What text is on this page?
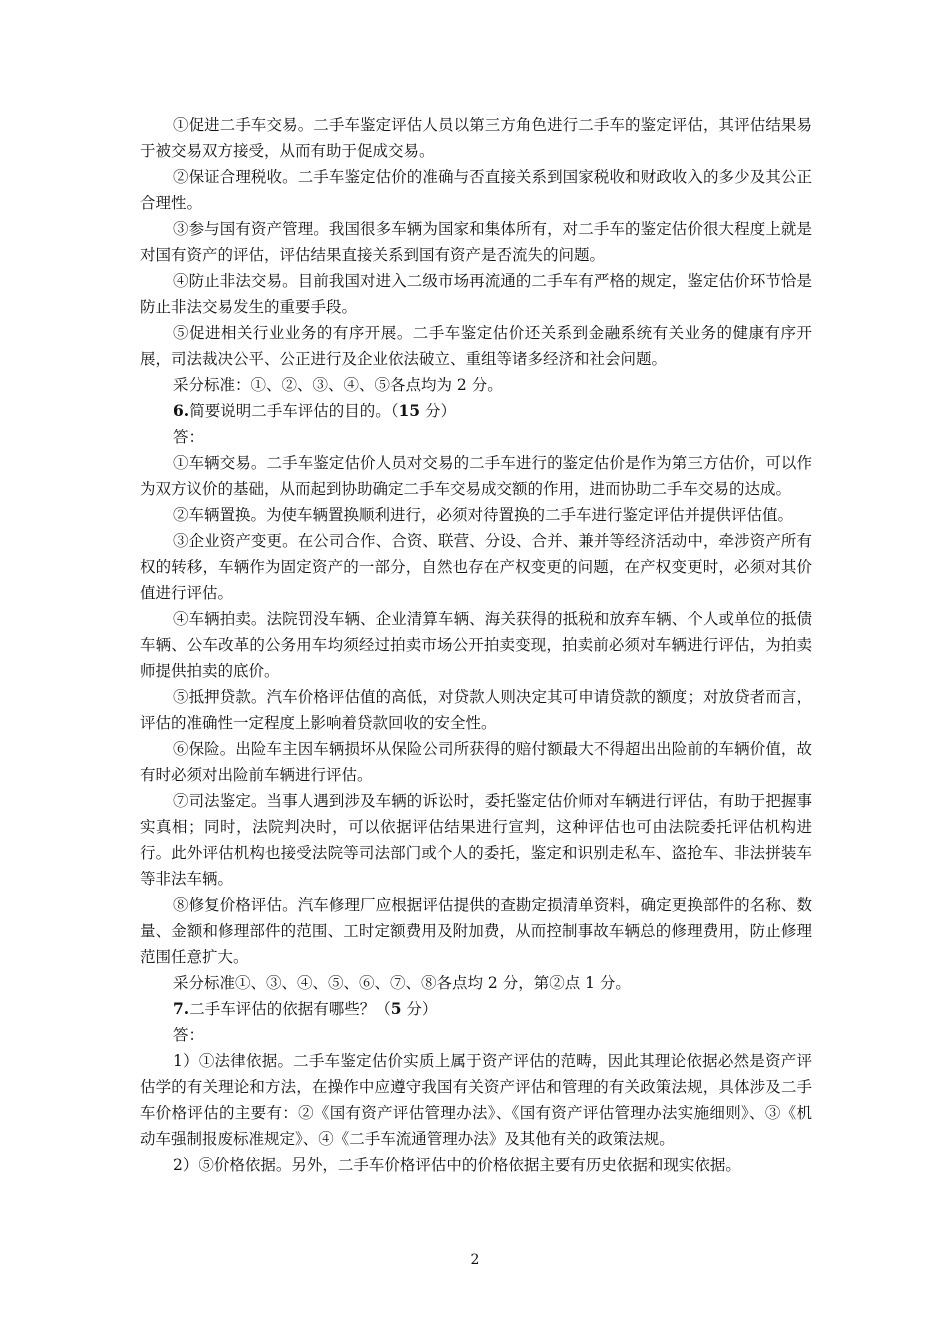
①促进二手车交易。二手车鉴定评估人员以第三方角色进行二手车的鉴定评估，其评估结果易于被交易双方接受，从而有助于促成交易。

②保证合理税收。二手车鉴定估价的准确与否直接关系到国家税收和财政收入的多少及其公正合理性。

③参与国有资产管理。我国很多车辆为国家和集体所有，对二手车的鉴定估价很大程度上就是对国有资产的评估，评估结果直接关系到国有资产是否流失的问题。

④防止非法交易。目前我国对进入二级市场再流通的二手车有严格的规定，鉴定估价环节恰是防止非法交易发生的重要手段。

⑤促进相关行业业务的有序开展。二手车鉴定估价还关系到金融系统有关业务的健康有序开展，司法裁决公平、公正进行及企业依法破立、重组等诸多经济和社会问题。

采分标准：①、②、③、④、⑤各点均为 2 分。

6.简要说明二手车评估的目的。（15 分）

答：

①车辆交易。二手车鉴定估价人员对交易的二手车进行的鉴定估价是作为第三方估价，可以作为双方议价的基础，从而起到协助确定二手车交易成交额的作用，进而协助二手车交易的达成。

②车辆置换。为使车辆置换顺利进行，必须对待置换的二手车进行鉴定评估并提供评估值。

③企业资产变更。在公司合作、合资、联营、分设、合并、兼并等经济活动中，牵涉资产所有权的转移，车辆作为固定资产的一部分，自然也存在产权变更的问题，在产权变更时，必须对其价值进行评估。

④车辆拍卖。法院罚没车辆、企业清算车辆、海关获得的抵税和放弃车辆、个人或单位的抵债车辆、公车改革的公务用车均须经过拍卖市场公开拍卖变现，拍卖前必须对车辆进行评估，为拍卖师提供拍卖的底价。

⑤抵押贷款。汽车价格评估值的高低，对贷款人则决定其可申请贷款的额度；对放贷者而言，评估的准确性一定程度上影响着贷款回收的安全性。

⑥保险。出险车主因车辆损坏从保险公司所获得的赔付额最大不得超出出险前的车辆价值，故有时必须对出险前车辆进行评估。

⑦司法鉴定。当事人遇到涉及车辆的诉讼时，委托鉴定估价师对车辆进行评估，有助于把握事实真相；同时，法院判决时，可以依据评估结果进行宣判，这种评估也可由法院委托评估机构进行。此外评估机构也接受法院等司法部门或个人的委托，鉴定和识别走私车、盗抢车、非法拼装车等非法车辆。

⑧修复价格评估。汽车修理厂应根据评估提供的查勘定损清单资料，确定更换部件的名称、数量、金额和修理部件的范围、工时定额费用及附加费，从而控制事故车辆总的修理费用，防止修理范围任意扩大。

采分标准①、③、④、⑤、⑥、⑦、⑧各点均 2 分，第②点 1 分。

7.二手车评估的依据有哪些？（5 分）

答：

1）①法律依据。二手车鉴定估价实质上属于资产评估的范畴，因此其理论依据必然是资产评估学的有关理论和方法，在操作中应遵守我国有关资产评估和管理的有关政策法规，具体涉及二手车价格评估的主要有：②《国有资产评估管理办法》、《国有资产评估管理办法实施细则》、③《机动车强制报废标准规定》、④《二手车流通管理办法》及其他有关的政策法规。

2）⑤价格依据。另外，二手车价格评估中的价格依据主要有历史依据和现实依据。

2
